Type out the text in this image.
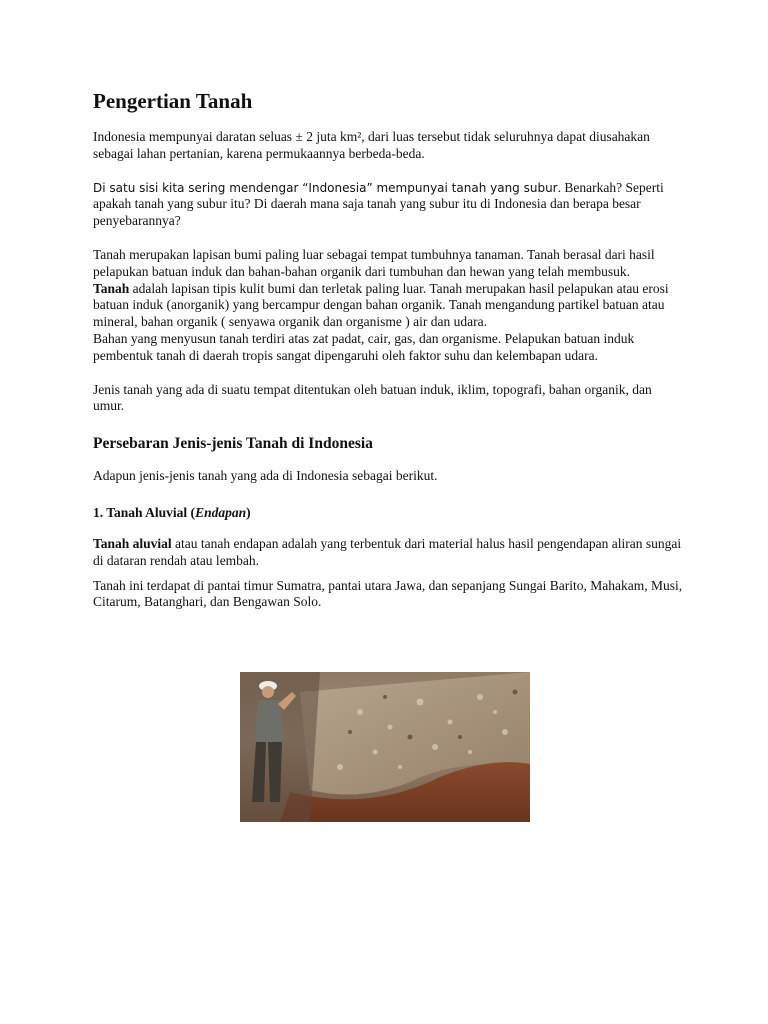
Pengertian Tanah

Indonesia mempunyai daratan seluas ± 2 juta km², dari luas tersebut tidak seluruhnya dapat diusahakan sebagai lahan pertanian, karena permukaannya berbeda-beda.

Di satu sisi kita sering mendengar “Indonesia” mempunyai tanah yang subur. Benarkah? Seperti apakah tanah yang subur itu? Di daerah mana saja tanah yang subur itu di Indonesia dan berapa besar penyebarannya?

Tanah merupakan lapisan bumi paling luar sebagai tempat tumbuhnya tanaman. Tanah berasal dari hasil pelapukan batuan induk dan bahan-bahan organik dari tumbuhan dan hewan yang telah membusuk.

Tanah adalah lapisan tipis kulit bumi dan terletak paling luar. Tanah merupakan hasil pelapukan atau erosi batuan induk (anorganik) yang bercampur dengan bahan organik. Tanah mengandung partikel batuan atau mineral, bahan organik ( senyawa organik dan organisme ) air dan udara.

Bahan yang menyusun tanah terdiri atas zat padat, cair, gas, dan organisme. Pelapukan batuan induk pembentuk tanah di daerah tropis sangat dipengaruhi oleh faktor suhu dan kelembapan udara.

Jenis tanah yang ada di suatu tempat ditentukan oleh batuan induk, iklim, topografi, bahan organik, dan umur.

Persebaran Jenis-jenis Tanah di Indonesia

Adapun jenis-jenis tanah yang ada di Indonesia sebagai berikut.

1. Tanah Aluvial (Endapan)

Tanah aluvial atau tanah endapan adalah yang terbentuk dari material halus hasil pengendapan aliran sungai di dataran rendah atau lembah.

Tanah ini terdapat di pantai timur Sumatra, pantai utara Jawa, dan sepanjang Sungai Barito, Mahakam, Musi, Citarum, Batanghari, dan Bengawan Solo.
